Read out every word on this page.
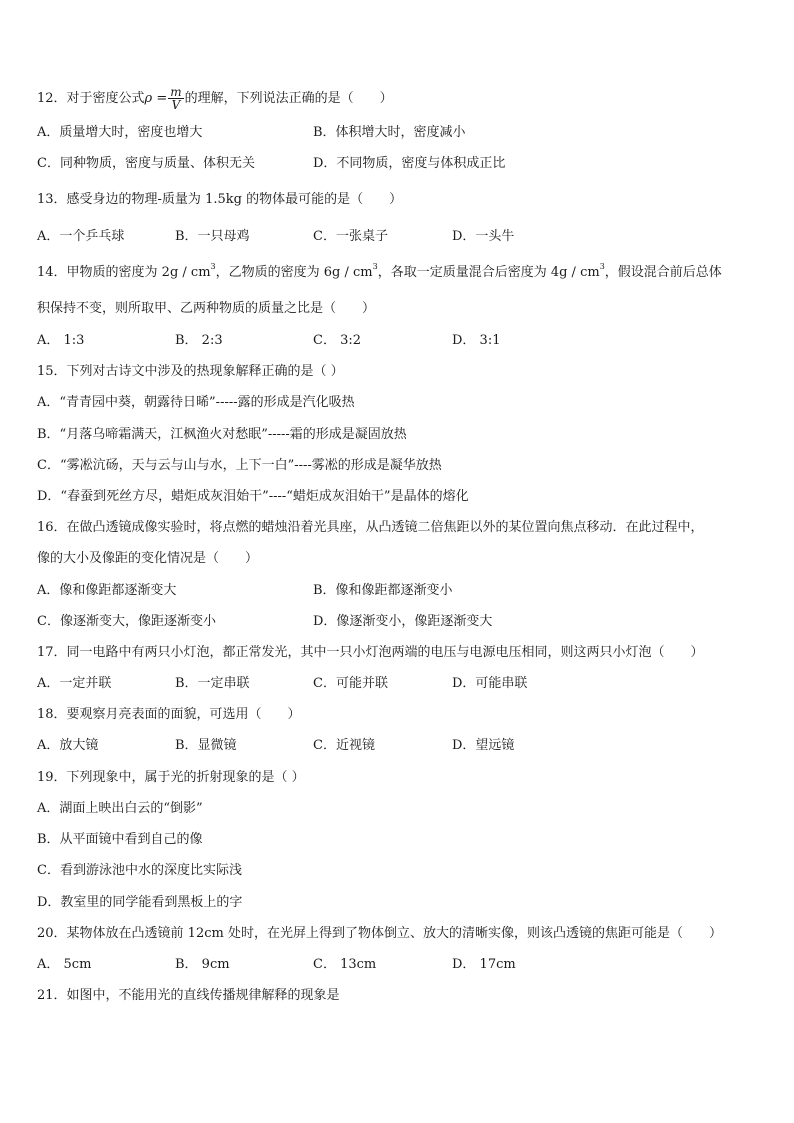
12．对于密度公式$\rho = \frac{m}{V}$ 的理解，下列说法正确的是（　　）
A．质量增大时，密度也增大	B．体积增大时，密度减小
C．同种物质，密度与质量、体积无关	D．不同物质，密度与体积成正比
13．感受身边的物理-质量为 1.5kg 的物体最可能的是（　　）
A．一个乒乓球	B．一只母鸡	C．一张桌子	D．一头牛
14．甲物质的密度为 $2g / cm^3$，乙物质的密度为 $6g / cm^3$，各取一定质量混合后密度为 $4g / cm^3$，假设混合前后总体
积保持不变，则所取甲、乙两种物质的质量之比是（　　）
A． 1:3	B． 2:3	C． 3:2	D． 3:1
15．下列对古诗文中涉及的热现象解释正确的是（ ）
A．“青青园中葵，朝露待日晞”-----露的形成是汽化吸热
B．“月落乌啼霜满天，江枫渔火对愁眠”-----霜的形成是凝固放热
C．“雾凇沆砀，天与云与山与水，上下一白”----雾凇的形成是凝华放热
D．“春蚕到死丝方尽，蜡炬成灰泪始干”----“蜡炬成灰泪始干”是晶体的熔化
16．在做凸透镜成像实验时，将点燃的蜡烛沿着光具座，从凸透镜二倍焦距以外的某位置向焦点移动．在此过程中，
像的大小及像距的变化情况是（　　）
A．像和像距都逐渐变大	B．像和像距都逐渐变小
C．像逐渐变大，像距逐渐变小	D．像逐渐变小，像距逐渐变大
17．同一电路中有两只小灯泡，都正常发光，其中一只小灯泡两端的电压与电源电压相同，则这两只小灯泡（　　）
A．一定并联	B．一定串联	C．可能并联	D．可能串联
18．要观察月亮表面的面貌，可选用（　　）
A．放大镜	B．显微镜	C．近视镜	D．望远镜
19．下列现象中，属于光的折射现象的是（ ）
A．湖面上映出白云的“倒影”
B．从平面镜中看到自己的像
C．看到游泳池中水的深度比实际浅
D．教室里的同学能看到黑板上的字
20．某物体放在凸透镜前 12cm 处时，在光屏上得到了物体倒立、放大的清晰实像，则该凸透镜的焦距可能是（　　）
A． 5cm	B． 9cm	C． 13cm	D． 17cm
21．如图中，不能用光的直线传播规律解释的现象是
